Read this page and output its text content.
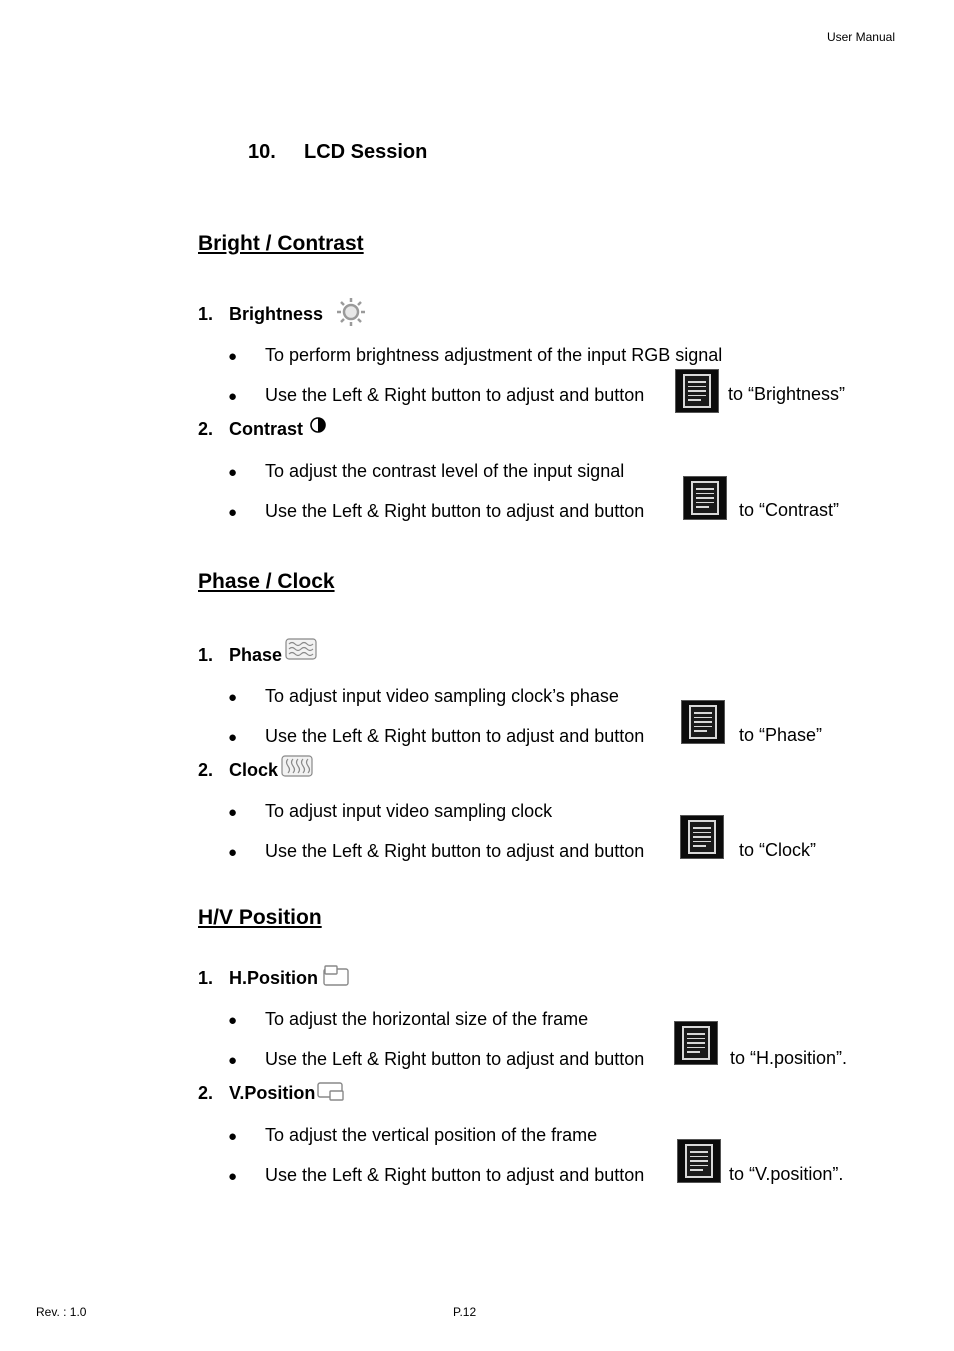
User Manual
10. LCD Session
Bright / Contrast
1. Brightness
● To perform brightness adjustment of the input RGB signal
● Use the Left & Right button to adjust and button	to “Brightness”
2. Contrast
● To adjust the contrast level of the input signal
● Use the Left & Right button to adjust and button	to “Contrast”
Phase / Clock
1. Phase
● To adjust input video sampling clock’s phase
● Use the Left & Right button to adjust and button	to “Phase”
2. Clock
● To adjust input video sampling clock
● Use the Left & Right button to adjust and button	to “Clock”
H/V Position
1. H.Position
● To adjust the horizontal size of the frame
● Use the Left & Right button to adjust and button	to “H.position”.
2. V.Position
● To adjust the vertical position of the frame
● Use the Left & Right button to adjust and button	to “V.position”.
Rev. : 1.0	P.12
